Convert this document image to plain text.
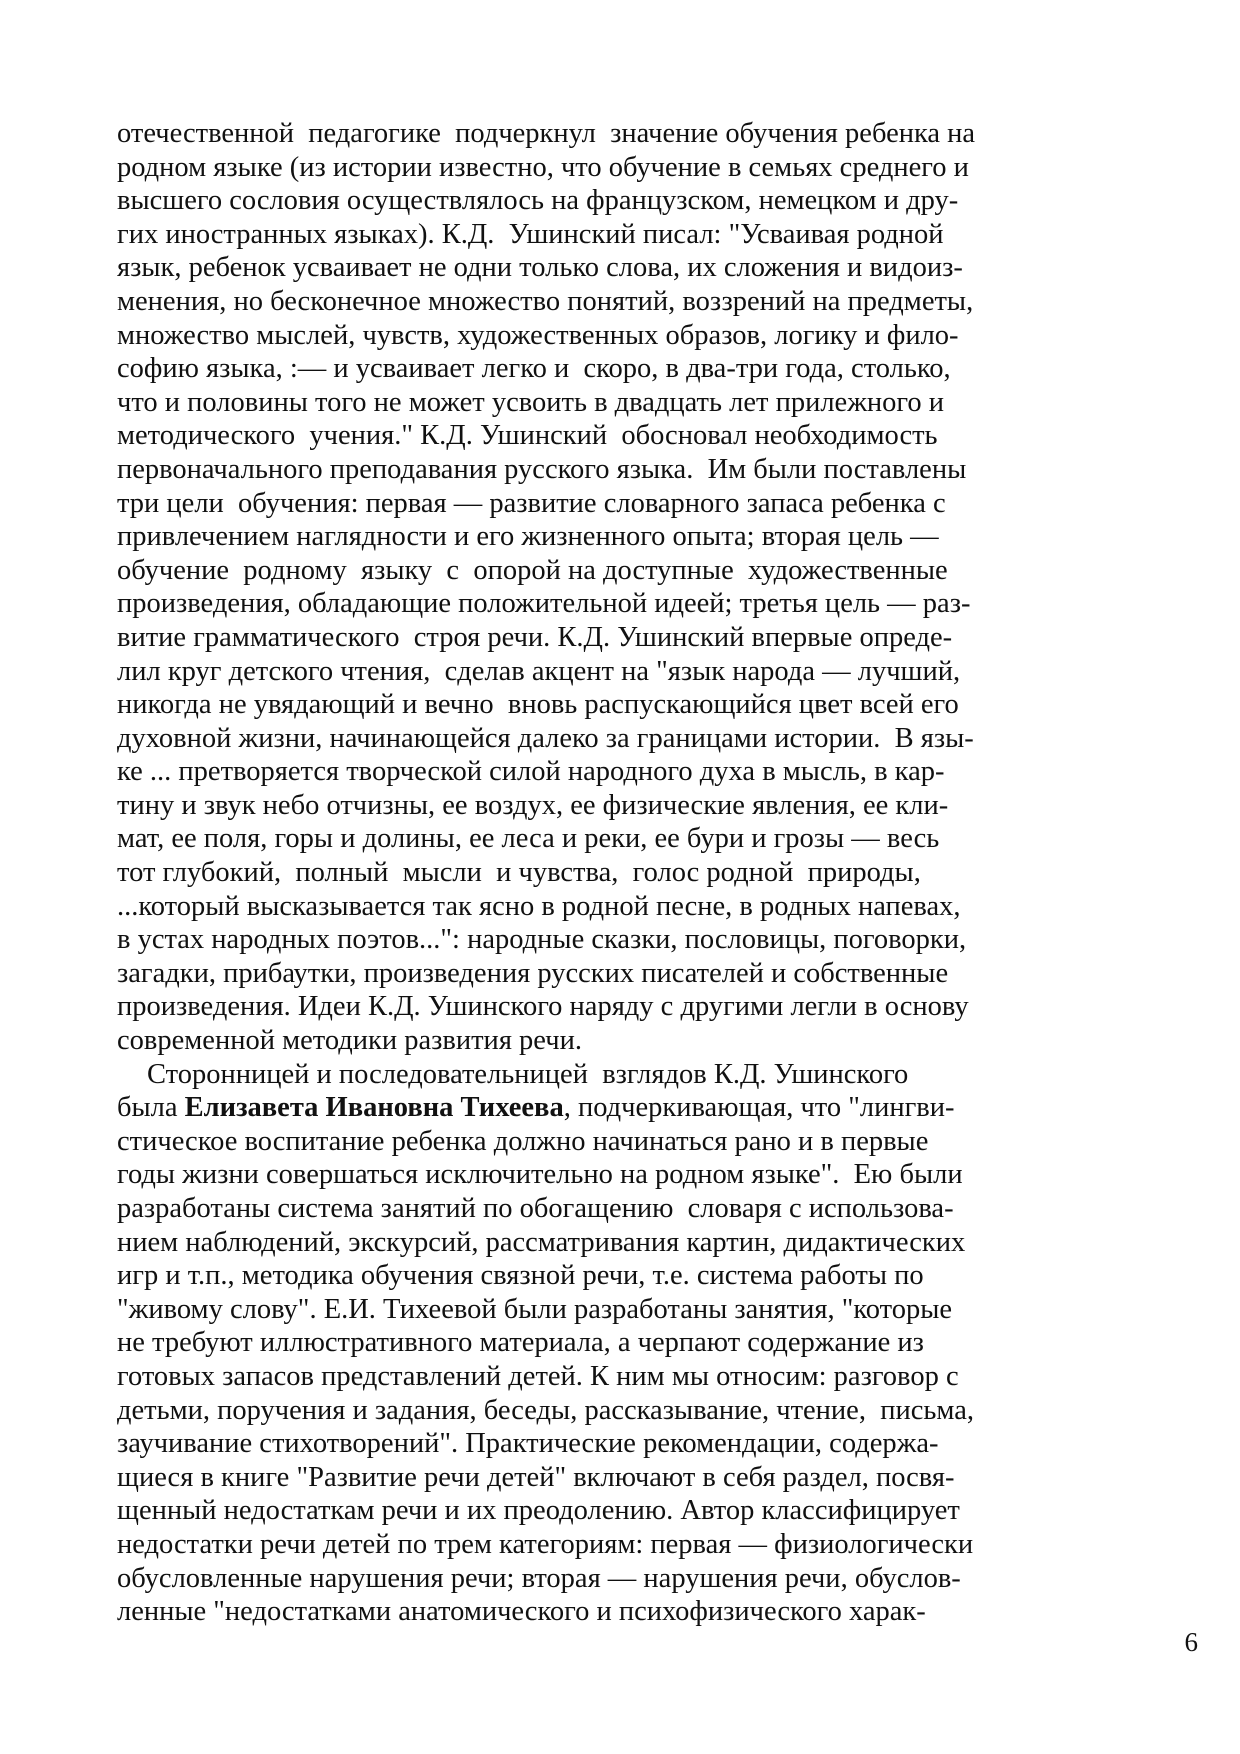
отечественной  педагогике  подчеркнул  значение обучения ребенка на
родном языке (из истории известно, что обучение в семьях среднего и
высшего сословия осуществлялось на французском, немецком и дру-
гих иностранных языках). К.Д.  Ушинский писал: "Усваивая родной
язык, ребенок усваивает не одни только слова, их сложения и видоиз-
менения, но бесконечное множество понятий, воззрений на предметы,
множество мыслей, чувств, художественных образов, логику и фило-
софию языка, :— и усваивает легко и  скоро, в два-три года, столько,
что и половины того не может усвоить в двадцать лет прилежного и
методического  учения." К.Д. Ушинский  обосновал необходимость
первоначального преподавания русского языка.  Им были поставлены
три цели  обучения: первая — развитие словарного запаса ребенка с
привлечением наглядности и его жизненного опыта; вторая цель —
обучение  родному  языку  с  опорой на доступные  художественные
произведения, обладающие положительной идеей; третья цель — раз-
витие грамматического  строя речи. К.Д. Ушинский впервые опреде-
лил круг детского чтения,  сделав акцент на "язык народа — лучший,
никогда не увядающий и вечно  вновь распускающийся цвет всей его
духовной жизни, начинающейся далеко за границами истории.  В язы-
ке ... претворяется творческой силой народного духа в мысль, в кар-
тину и звук небо отчизны, ее воздух, ее физические явления, ее кли-
мат, ее поля, горы и долины, ее леса и реки, ее бури и грозы — весь
тот глубокий,  полный  мысли  и чувства,  голос родной  природы,
...который высказывается так ясно в родной песне, в родных напевах,
в устах народных поэтов...": народные сказки, пословицы, поговорки,
загадки, прибаутки, произведения русских писателей и собственные
произведения. Идеи К.Д. Ушинского наряду с другими легли в основу
современной методики развития речи.
Сторонницей и последовательницей  взглядов К.Д. Ушинского
была Елизавета Ивановна Тихеева, подчеркивающая, что "лингви-
стическое воспитание ребенка должно начинаться рано и в первые
годы жизни совершаться исключительно на родном языке".  Ею были
разработаны система занятий по обогащению  словаря с использова-
нием наблюдений, экскурсий, рассматривания картин, дидактических
игр и т.п., методика обучения связной речи, т.е. система работы по
"живому слову". Е.И. Тихеевой были разработаны занятия, "которые
не требуют иллюстративного материала, а черпают содержание из
готовых запасов представлений детей. К ним мы относим: разговор с
детьми, поручения и задания, беседы, рассказывание, чтение,  письма,
заучивание стихотворений". Практические рекомендации, содержа-
щиеся в книге "Развитие речи детей" включают в себя раздел, посвя-
щенный недостаткам речи и их преодолению. Автор классифицирует
недостатки речи детей по трем категориям: первая — физиологически
обусловленные нарушения речи; вторая — нарушения речи, обуслов-
ленные "недостатками анатомического и психофизического харак-
6
